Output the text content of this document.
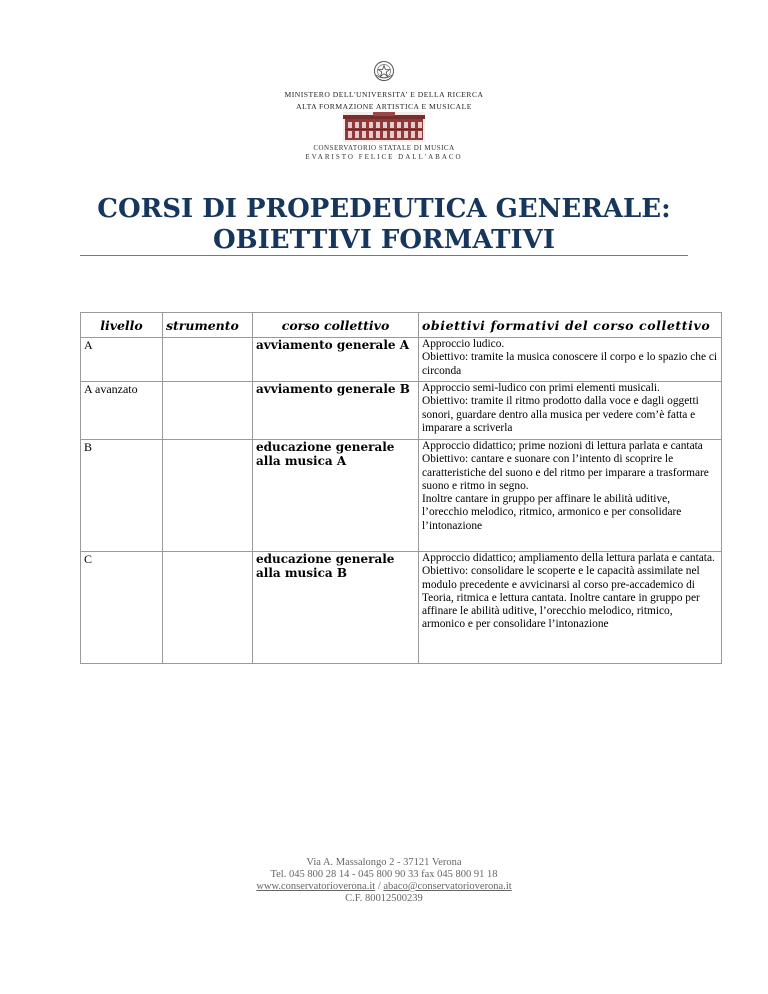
MINISTERO DELL'UNIVERSITA' E DELLA RICERCA
ALTA FORMAZIONE ARTISTICA E MUSICALE
CONSERVATORIO STATALE DI MUSICA
EVARISTO FELICE DALL'ABACO
CORSI DI PROPEDEUTICA GENERALE:
OBIETTIVI FORMATIVI
livello	strumento	corso collettivo	obiettivi formativi del corso collettivo
A		avviamento generale A	Approccio ludico.
Obiettivo: tramite la musica conoscere il corpo e lo spazio che ci circonda

A avanzato		avviamento generale B	Approccio semi-ludico con primi elementi musicali.
Obiettivo: tramite il ritmo prodotto dalla voce e dagli oggetti sonori, guardare dentro alla musica per vedere com’è fatta e imparare a scriverla

B		educazione generale alla musica A	Approccio didattico; prime nozioni di lettura parlata e cantata
Obiettivo: cantare e suonare con l’intento di scoprire le caratteristiche del suono e del ritmo per imparare a trasformare suono e ritmo in segno.
Inoltre cantare in gruppo per affinare le abilità uditive, l’orecchio melodico, ritmico, armonico e per consolidare l’intonazione

C		educazione generale alla musica B	Approccio didattico; ampliamento della lettura parlata e cantata.
Obiettivo: consolidare le scoperte e le capacità assimilate nel modulo precedente e avvicinarsi al corso pre-accademico di Teoria, ritmica e lettura cantata. Inoltre cantare in gruppo per affinare le abilità uditive, l’orecchio melodico, ritmico, armonico e per consolidare l’intonazione
Via A. Massalongo 2 - 37121 Verona
Tel. 045 800 28 14 - 045 800 90 33 fax 045 800 91 18
www.conservatorioverona.it / abaco@conservatorioverona.it
C.F. 80012500239
